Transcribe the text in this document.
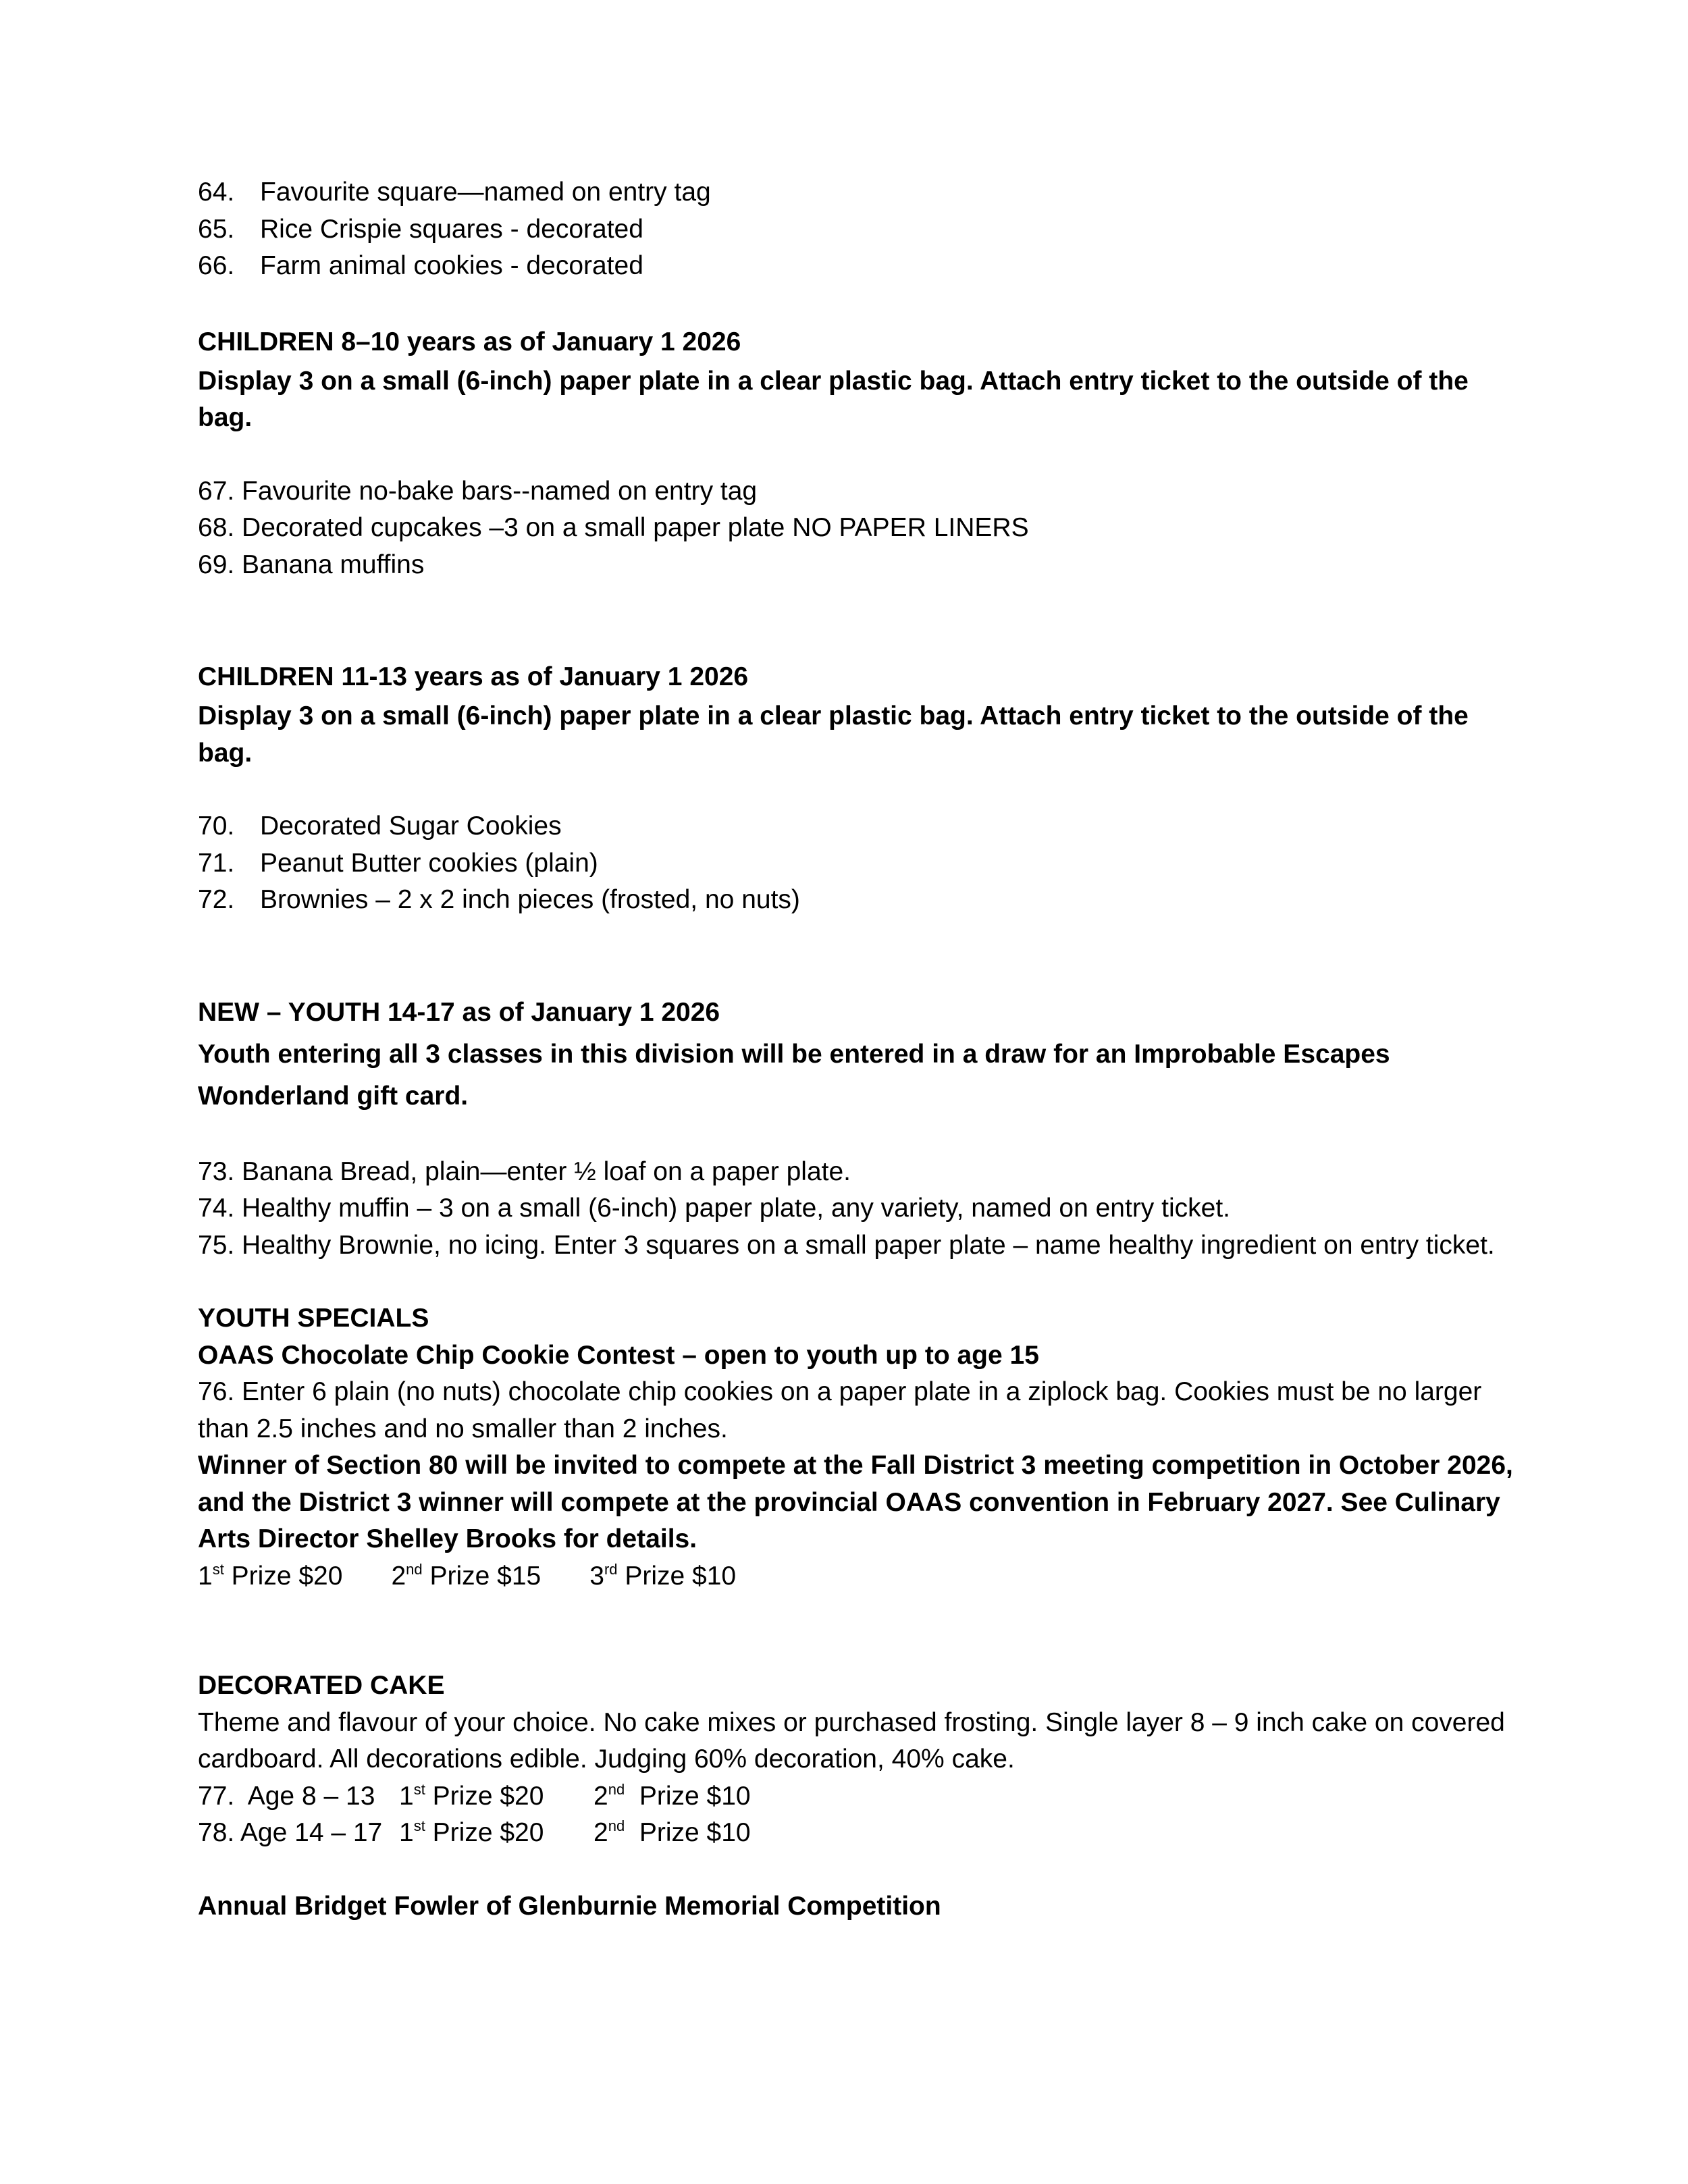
64. Favourite square—named on entry tag

65. Rice Crispie squares - decorated

66. Farm animal cookies - decorated

CHILDREN 8–10 years as of January 1 2026

Display 3 on a small (6-inch) paper plate in a clear plastic bag. Attach entry ticket to the outside of the bag.

67. Favourite no-bake bars--named on entry tag

68. Decorated cupcakes –3 on a small paper plate NO PAPER LINERS

69. Banana muffins

CHILDREN 11-13 years as of January 1 2026

Display 3 on a small (6-inch) paper plate in a clear plastic bag. Attach entry ticket to the outside of the bag.

70. Decorated Sugar Cookies

71. Peanut Butter cookies (plain)

72. Brownies – 2 x 2 inch pieces (frosted, no nuts)

NEW – YOUTH 14-17 as of January 1 2026

Youth entering all 3 classes in this division will be entered in a draw for an Improbable Escapes

Wonderland gift card.

73. Banana Bread, plain—enter ½ loaf on a paper plate.

74. Healthy muffin – 3 on a small (6-inch) paper plate, any variety, named on entry ticket.

75. Healthy Brownie, no icing. Enter 3 squares on a small paper plate – name healthy ingredient on entry ticket.

YOUTH SPECIALS

OAAS Chocolate Chip Cookie Contest – open to youth up to age 15

76. Enter 6 plain (no nuts) chocolate chip cookies on a paper plate in a ziplock bag. Cookies must be no larger than 2.5 inches and no smaller than 2 inches.

Winner of Section 80 will be invited to compete at the Fall District 3 meeting competition in October 2026, and the District 3 winner will compete at the provincial OAAS convention in February 2027. See Culinary Arts Director Shelley Brooks for details.

1st Prize $20 2nd Prize $15 3rd Prize $10

DECORATED CAKE

Theme and flavour of your choice. No cake mixes or purchased frosting. Single layer 8 – 9 inch cake on covered cardboard. All decorations edible. Judging 60% decoration, 40% cake.

77.  Age 8 – 13 1st Prize $20 2nd  Prize $10

78. Age 14 – 17 1st Prize $20 2nd  Prize $10

Annual Bridget Fowler of Glenburnie Memorial Competition
